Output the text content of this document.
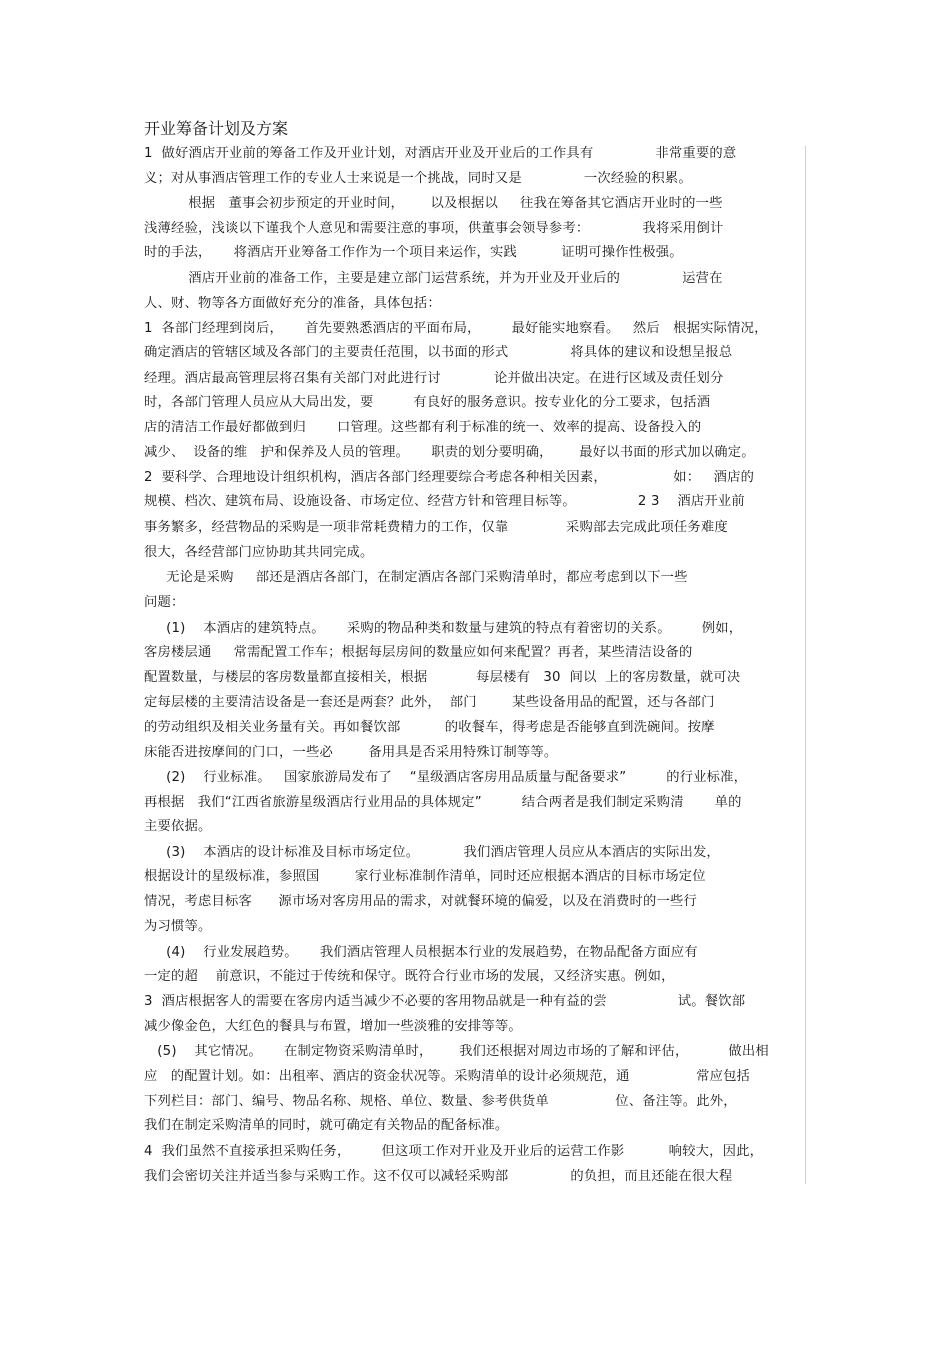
开业筹备计划及方案
1  做好酒店开业前的筹备工作及开业计划，对酒店开业及开业后的工作具有              非常重要的意
义；对从事酒店管理工作的专业人士来说是一个挑战，同时又是              一次经验的积累。
根据   董事会初步预定的开业时间，      以及根据以     往我在筹备其它酒店开业时的一些
浅薄经验，浅谈以下谨我个人意见和需要注意的事项，供董事会领导参考：            我将采用倒计
时的手法，     将酒店开业筹备工作作为一个项目来运作，实践          证明可操作性极强。
酒店开业前的准备工作，主要是建立部门运营系统，并为开业及开业后的              运营在
人、财、物等各方面做好充分的准备，具体包括：
1  各部门经理到岗后，     首先要熟悉酒店的平面布局，       最好能实地察看。   然后   根据实际情况，
确定酒店的管辖区域及各部门的主要责任范围，以书面的形式              将具体的建议和设想呈报总
经理。酒店最高管理层将召集有关部门对此进行讨            论并做出决定。在进行区域及责任划分
时，各部门管理人员应从大局出发，要         有良好的服务意识。按专业化的分工要求，包括酒
店的清洁工作最好都做到归       口管理。这些都有利于标准的统一、效率的提高、设备投入的
减少、  设备的维   护和保养及人员的管理。     职责的划分要明确，      最好以书面的形式加以确定。
2  要科学、合理地设计组织机构，酒店各部门经理要综合考虑各种相关因素，               如：   酒店的
规模、档次、建筑布局、设施设备、市场定位、经营方针和管理目标等。              2 3    酒店开业前
事务繁多，经营物品的采购是一项非常耗费精力的工作，仅靠             采购部去完成此项任务难度
很大，各经营部门应协助其共同完成。
无论是采购     部还是酒店各部门，在制定酒店各部门采购清单时，都应考虑到以下一些
问题：
(1)    本酒店的建筑特点。     采购的物品种类和数量与建筑的特点有着密切的关系。       例如，
客房楼层通     常需配置工作车；根据每层房间的数量应如何来配置？再者，某些清洁设备的
配置数量，与楼层的客房数量都直接相关，根据           每层楼有   30  间以  上的客房数量，就可决
定每层楼的主要清洁设备是一套还是两套？此外，  部门        某些设备用品的配置，还与各部门
的劳动组织及相关业务量有关。再如餐饮部          的收餐车，得考虑是否能够直到洗碗间。按摩
床能否进按摩间的门口，一些必        备用具是否采用特殊订制等等。
(2)    行业标准。   国家旅游局发布了    “星级酒店客房用品质量与配备要求”         的行业标准，
再根据   我们“江西省旅游星级酒店行业用品的具体规定”         结合两者是我们制定采购清       单的
主要依据。
(3)    本酒店的设计标准及目标市场定位。          我们酒店管理人员应从本酒店的实际出发，
根据设计的星级标准，参照国        家行业标准制作清单，同时还应根据本酒店的目标市场定位
情况，考虑目标客      源市场对客房用品的需求，对就餐环境的偏爱，以及在消费时的一些行
为习惯等。
(4)    行业发展趋势。     我们酒店管理人员根据本行业的发展趋势，在物品配备方面应有
一定的超    前意识，不能过于传统和保守。既符合行业市场的发展，又经济实惠。例如，
3  酒店根据客人的需要在客房内适当减少不必要的客用物品就是一种有益的尝                试。餐饮部
减少像金色，大红色的餐具与布置，增加一些淡雅的安排等等。
(5)    其它情况。     在制定物资采购清单时，      我们还根据对周边市场的了解和评估，         做出相
应   的配置计划。如：出租率、酒店的资金状况等。采购清单的设计必须规范，通               常应包括
下列栏目：部门、编号、物品名称、规格、单位、数量、参考供货单               位、备注等。此外，
我们在制定采购清单的同时，就可确定有关物品的配备标准。
4  我们虽然不直接承担采购任务，       但这项工作对开业及开业后的运营工作影          响较大，因此，
我们会密切关注并适当参与采购工作。这不仅可以减轻采购部              的负担，而且还能在很大程
